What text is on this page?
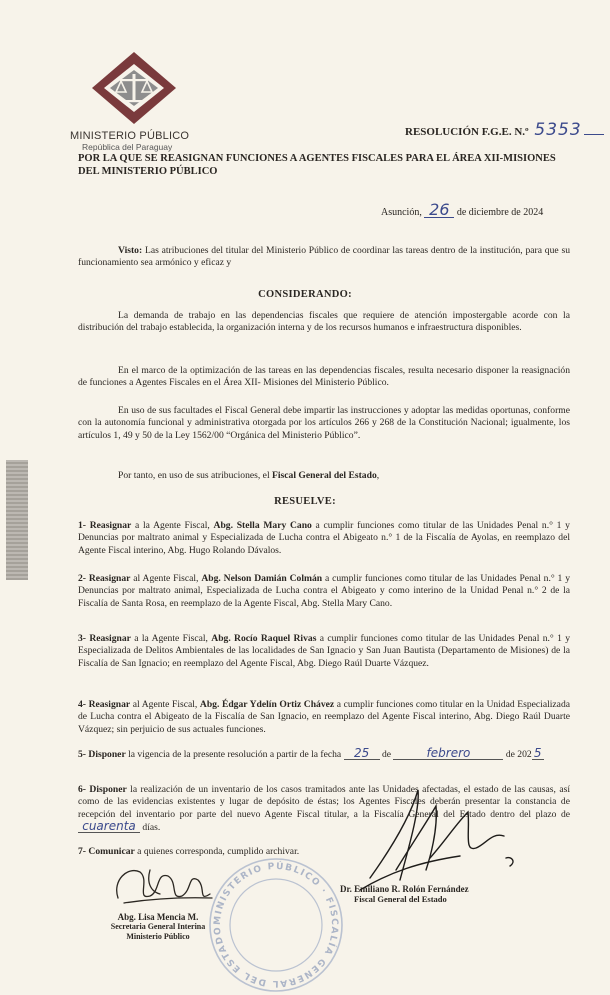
MINISTERIO PÚBLICO
República del Paraguay
RESOLUCIÓN F.G.E. N.º 5353
POR LA QUE SE REASIGNAN FUNCIONES A AGENTES FISCALES PARA EL ÁREA XII-MISIONES DEL MINISTERIO PÚBLICO
Asunción, 26 de diciembre de 2024
Visto: Las atribuciones del titular del Ministerio Público de coordinar las tareas dentro de la institución, para que su funcionamiento sea armónico y eficaz y
CONSIDERANDO:
La demanda de trabajo en las dependencias fiscales que requiere de atención impostergable acorde con la distribución del trabajo establecida, la organización interna y de los recursos humanos e infraestructura disponibles.
En el marco de la optimización de las tareas en las dependencias fiscales, resulta necesario disponer la reasignación de funciones a Agentes Fiscales en el Área XII- Misiones del Ministerio Público.
En uso de sus facultades el Fiscal General debe impartir las instrucciones y adoptar las medidas oportunas, conforme con la autonomía funcional y administrativa otorgada por los artículos 266 y 268 de la Constitución Nacional; igualmente, los artículos 1, 49 y 50 de la Ley 1562/00 “Orgánica del Ministerio Público”.
Por tanto, en uso de sus atribuciones, el Fiscal General del Estado,
RESUELVE:
1- Reasignar a la Agente Fiscal, Abg. Stella Mary Cano a cumplir funciones como titular de las Unidades Penal n.° 1 y Denuncias por maltrato animal y Especializada de Lucha contra el Abigeato n.° 1 de la Fiscalía de Ayolas, en reemplazo del Agente Fiscal interino, Abg. Hugo Rolando Dávalos.
2- Reasignar al Agente Fiscal, Abg. Nelson Damián Colmán a cumplir funciones como titular de las Unidades Penal n.° 1 y Denuncias por maltrato animal, Especializada de Lucha contra el Abigeato y como interino de la Unidad Penal n.° 2 de la Fiscalía de Santa Rosa, en reemplazo de la Agente Fiscal, Abg. Stella Mary Cano.
3- Reasignar a la Agente Fiscal, Abg. Rocío Raquel Rivas a cumplir funciones como titular de las Unidades Penal n.° 1 y Especializada de Delitos Ambientales de las localidades de San Ignacio y San Juan Bautista (Departamento de Misiones) de la Fiscalía de San Ignacio; en reemplazo del Agente Fiscal, Abg. Diego Raúl Duarte Vázquez.
4- Reasignar al Agente Fiscal, Abg. Édgar Ydelín Ortiz Chávez a cumplir funciones como titular en la Unidad Especializada de Lucha contra el Abigeato de la Fiscalía de San Ignacio, en reemplazo del Agente Fiscal interino, Abg. Diego Raúl Duarte Vázquez; sin perjuicio de sus actuales funciones.
5- Disponer la vigencia de la presente resolución a partir de la fecha 25 de	febrero	de 202 5
6- Disponer la realización de un inventario de los casos tramitados ante las Unidades afectadas, el estado de las causas, así como de las evidencias existentes y lugar de depósito de éstas; los Agentes Fiscales deberán presentar la constancia de recepción del inventario por parte del nuevo Agente Fiscal titular, a la Fiscalía General del Estado dentro del plazo de cuarenta días.
7- Comunicar a quienes corresponda, cumplido archivar.
MINISTERIO PÚBLICO · FISCALÍA GENERAL DEL ESTADO
Abg. Lisa Mencia M.
Secretaria General Interina
Ministerio Público
Dr. Emiliano R. Rolón Fernández
Fiscal General del Estado
